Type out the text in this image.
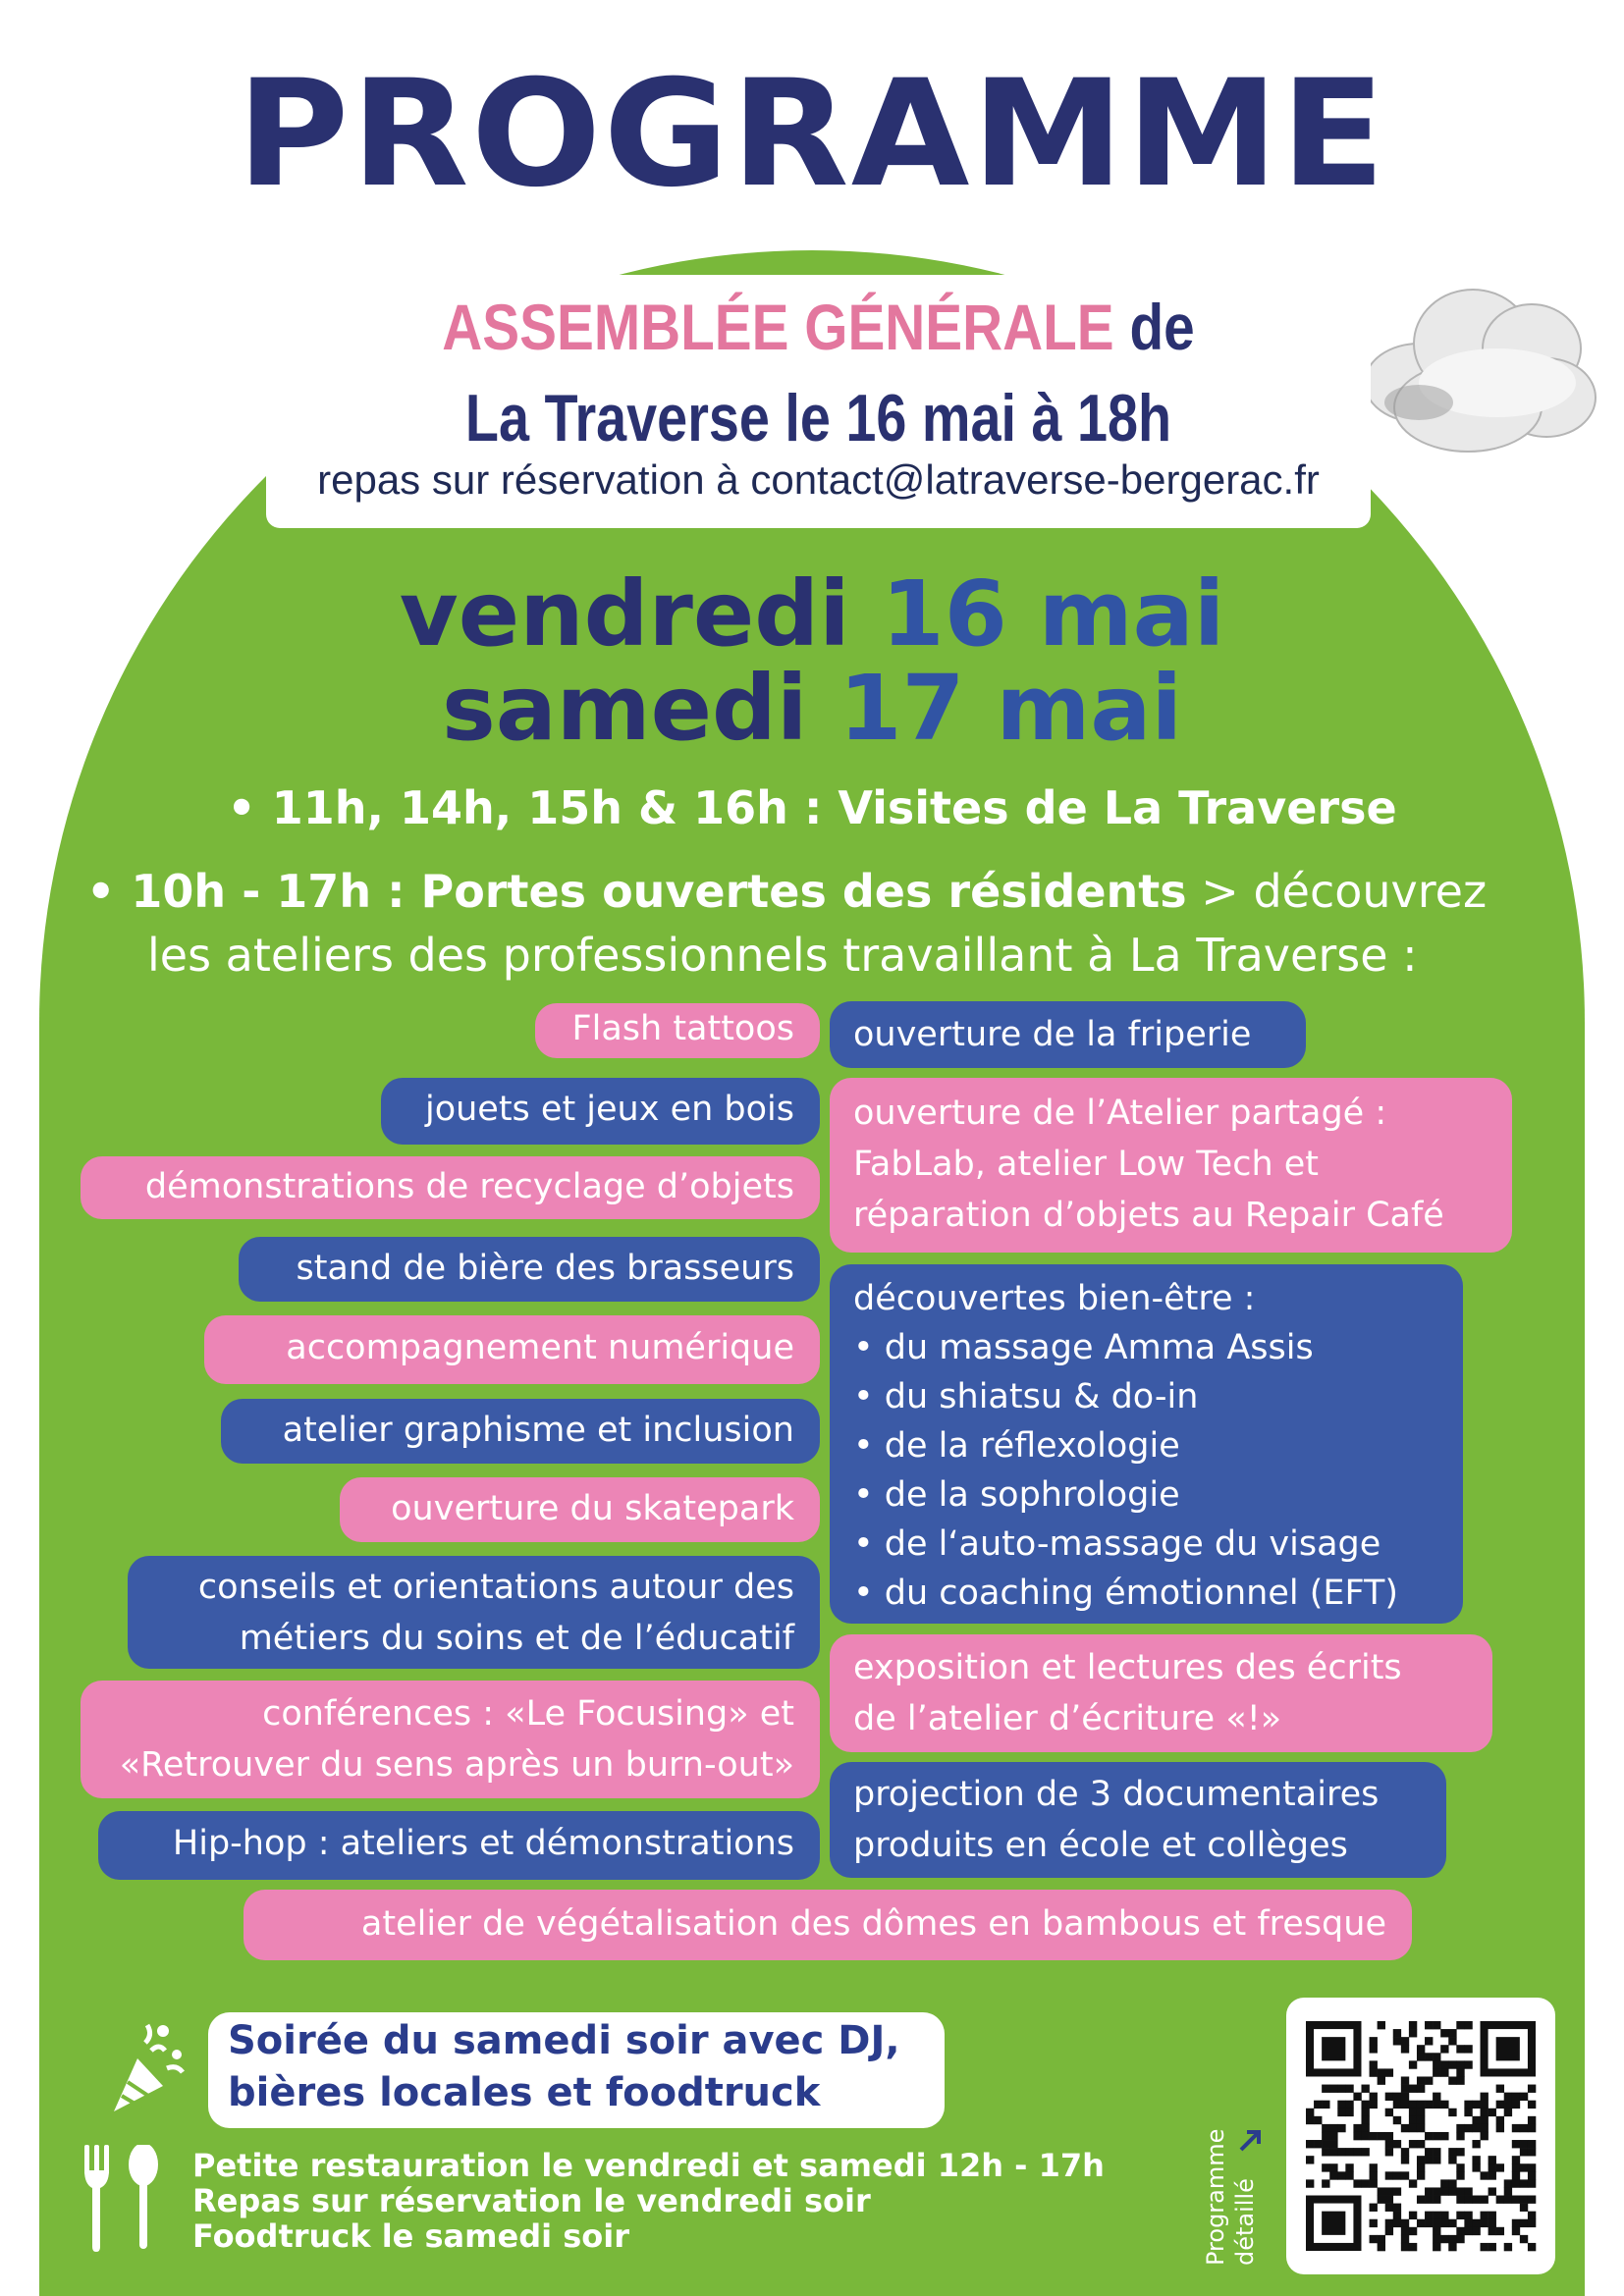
PROGRAMME
ASSEMBLÉE GÉNÉRALE de
La Traverse le 16 mai à 18h
repas sur réservation à contact@latraverse-bergerac.fr
vendredi 16 mai
samedi 17 mai
• 11h, 14h, 15h & 16h : Visites de La Traverse
• 10h - 17h : Portes ouvertes des résidents > découvrez
les ateliers des professionnels travaillant à La Traverse :
Flash tattoos
jouets et jeux en bois
démonstrations de recyclage d’objets
stand de bière des brasseurs
accompagnement numérique
atelier graphisme et inclusion
ouverture du skatepark
conseils et orientations autour des
métiers du soins et de l’éducatif
conférences : «Le Focusing» et
«Retrouver du sens après un burn-out»
Hip-hop : ateliers et démonstrations
ouverture de la friperie
ouverture de l’Atelier partagé :
FabLab, atelier Low Tech et
réparation d’objets au Repair Café
découvertes bien-être :
• du massage Amma Assis
• du shiatsu & do-in
• de la réflexologie
• de la sophrologie
• de l‘auto-massage du visage
• du coaching émotionnel (EFT)
exposition et lectures des écrits
de l’atelier d’écriture «!»
projection de 3 documentaires
produits en école et collèges
atelier de végétalisation des dômes en bambous et fresque
Soirée du samedi soir avec DJ,
bières locales et foodtruck
Petite restauration le vendredi et samedi 12h - 17h
Repas sur réservation le vendredi soir
Foodtruck le samedi soir	Programme détaillé
